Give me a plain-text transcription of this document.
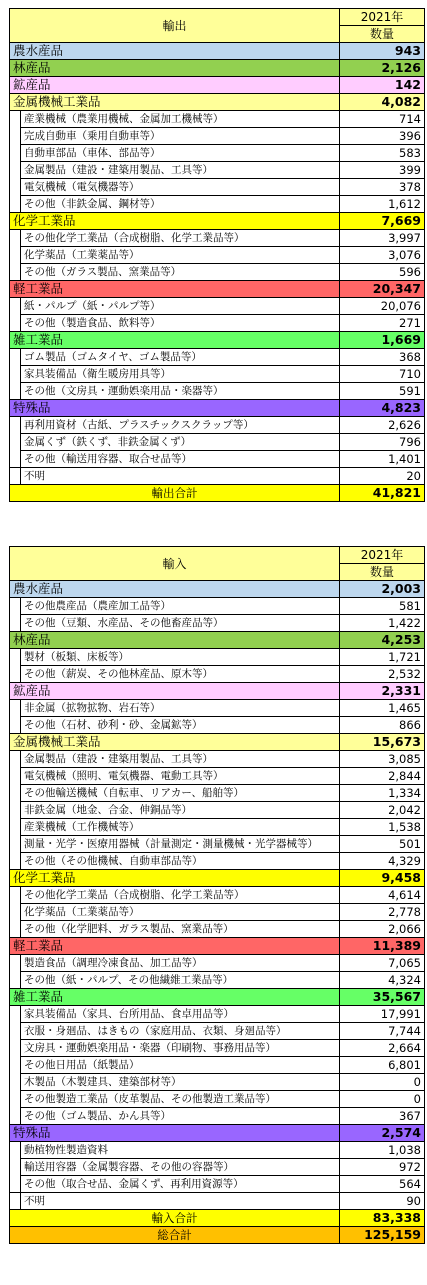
輸出		2021年
		数量
農水産品		943
林産品		2,126
鉱産品		142
金属機械工業品		4,082
	産業機械（農業用機械、金属加工機械等）	714
	完成自動車（乗用自動車等）	396
	自動車部品（車体、部品等）	583
	金属製品（建設・建築用製品、工具等）	399
	電気機械（電気機器等）	378
	その他（非鉄金属、鋼材等）	1,612
化学工業品		7,669
	その他化学工業品（合成樹脂、化学工業品等）	3,997
	化学薬品（工業薬品等）	3,076
	その他（ガラス製品、窯業品等）	596
軽工業品		20,347
	紙・パルプ（紙・パルプ等）	20,076
	その他（製造食品、飲料等）	271
雑工業品		1,669
	ゴム製品（ゴムタイヤ、ゴム製品等）	368
	家具装備品（衛生暖房用具等）	710
	その他（文房具・運動娯楽用品・楽器等）	591
特殊品		4,823
	再利用資材（古紙、プラスチックスクラップ等）	2,626
	金属くず（鉄くず、非鉄金属くず）	796
	その他（輸送用容器、取合せ品等）	1,401
	不明	20
輸出合計		41,821
輸入		2021年
		数量
農水産品		2,003
	その他農産品（農産加工品等）	581
	その他（豆類、水産品、その他畜産品等）	1,422
林産品		4,253
	製材（板類、床板等）	1,721
	その他（薪炭、その他林産品、原木等）	2,532
鉱産品		2,331
	非金属（拡物拡物、岩石等）	1,465
	その他（石材、砂利・砂、金属鉱等）	866
金属機械工業品		15,673
	金属製品（建設・建築用製品、工具等）	3,085
	電気機械（照明、電気機器、電動工具等）	2,844
	その他輸送機械（自転車、リアカー、船舶等）	1,334
	非鉄金属（地金、合金、伸銅品等）	2,042
	産業機械（工作機械等）	1,538
	測量・光学・医療用器械（計量測定・測量機械・光学器械等）	501
	その他（その他機械、自動車部品等）	4,329
化学工業品		9,458
	その他化学工業品（合成樹脂、化学工業品等）	4,614
	化学薬品（工業薬品等）	2,778
	その他（化学肥料、ガラス製品、窯業品等）	2,066
軽工業品		11,389
	製造食品（調理冷凍食品、加工品等）	7,065
	その他（紙・パルプ、その他繊維工業品等）	4,324
雑工業品		35,567
	家具装備品（家具、台所用品、食卓用品等）	17,991
	衣服・身廻品、はきもの（家庭用品、衣類、身廻品等）	7,744
	文房具・運動娯楽用品・楽器（印刷物、事務用品等）	2,664
	その他日用品（紙製品）	6,801
	木製品（木製建具、建築部材等）	0
	その他製造工業品（皮革製品、その他製造工業品等）	0
	その他（ゴム製品、かん具等）	367
特殊品		2,574
	動植物性製造資料	1,038
	輸送用容器（金属製容器、その他の容器等）	972
	その他（取合せ品、金属くず、再利用資源等）	564
	不明	90
輸入合計		83,338
総合計		125,159
